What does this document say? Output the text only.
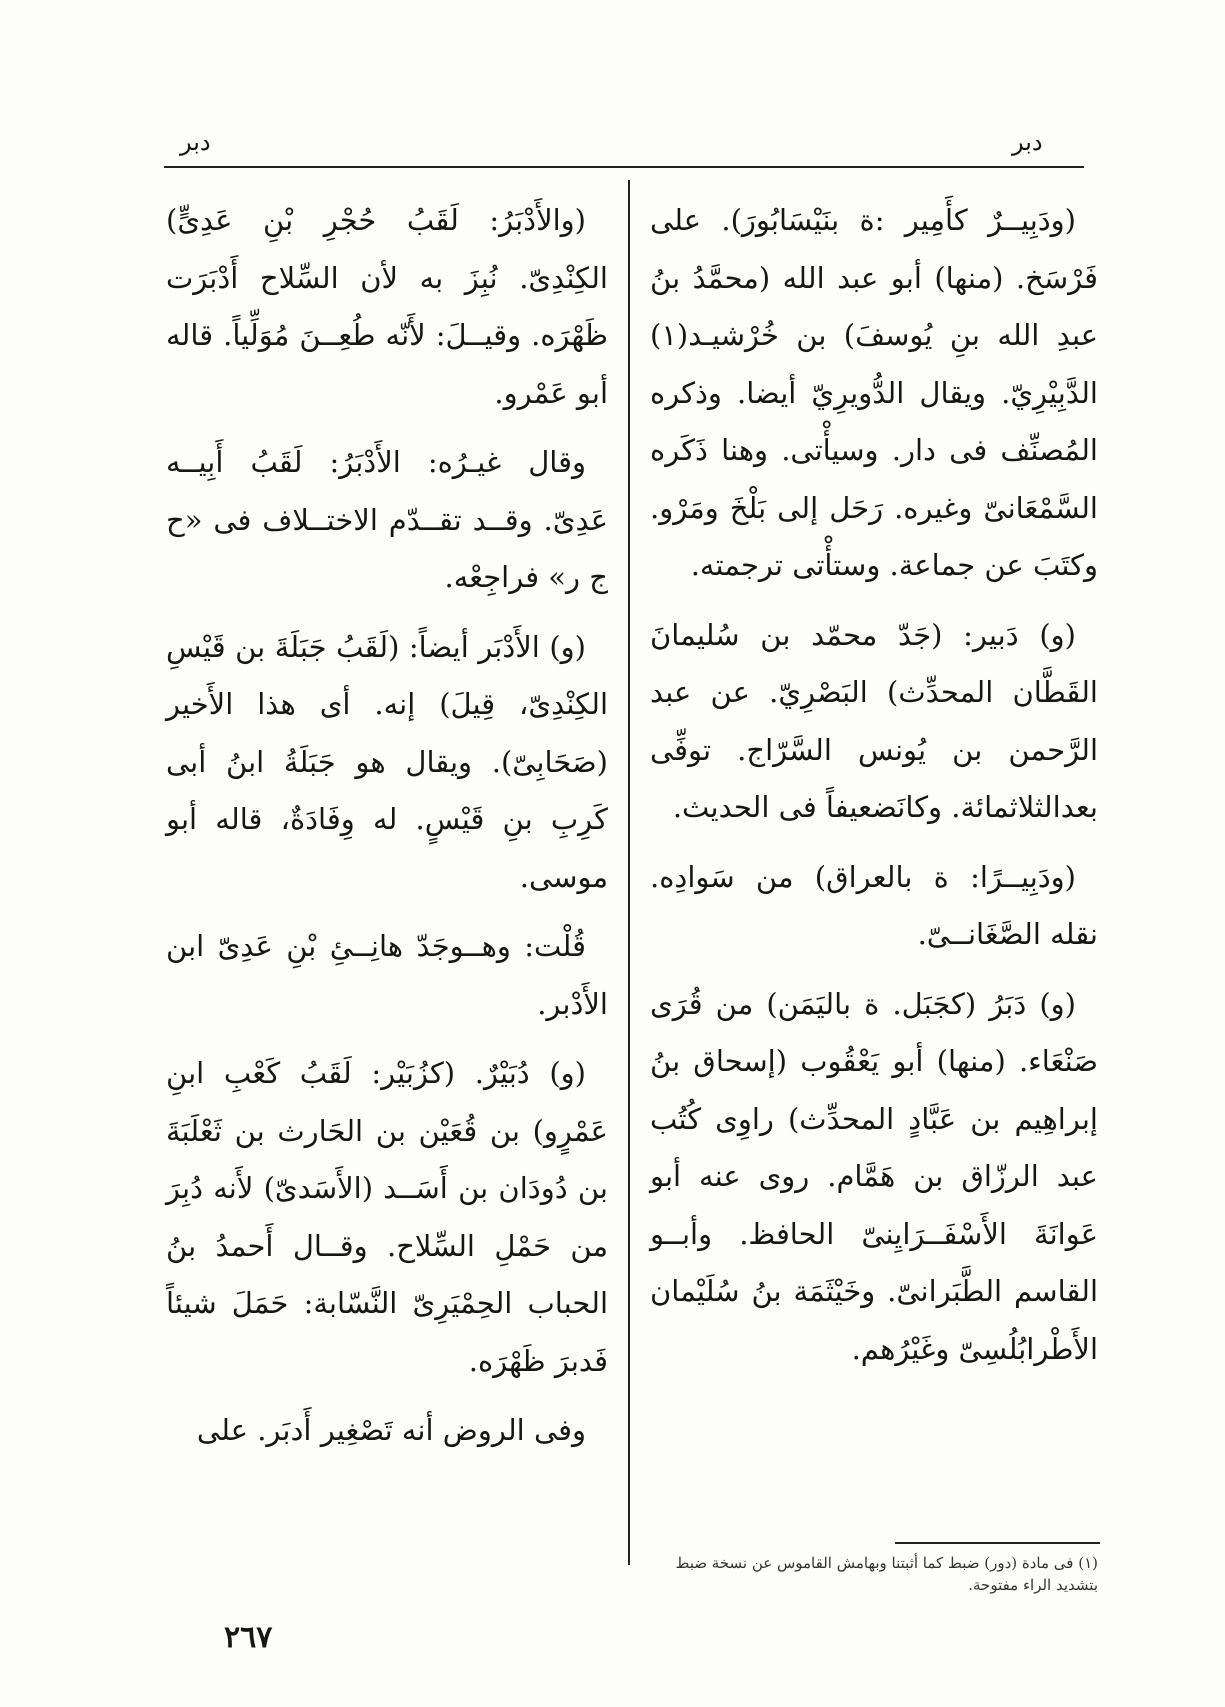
دبر
دبر

(ودَبِيــرٌ كأَمِير :ة بنَيْسَابُورَ). على فَرْسَخ. (منها) أبو عبد الله (محمَّدُ بنُ عبدِ الله بنِ يُوسفَ) بن خُرْشيـد(١) الدَّبِيْرِيّ. ويقال الدُّويرِيّ أيضا. وذكره المُصنِّف فى دار. وسيأْتى. وهنا ذَكَره السَّمْعَانىّ وغيره. رَحَل إلى بَلْخَ ومَرْو. وكتَبَ عن جماعة. وستأْتى ترجمته.

(و) دَبير: (جَدّ محمّد بن سُليمانَ القَطَّان المحدِّث) البَصْرِيّ. عن عبد الرَّحمن بن يُونس السَّرّاج. توفِّى بعدالثلاثمائة. وكانَضعيفاً فى الحديث.

(ودَبِيــرًا: ة بالعراق) من سَوادِه. نقله الصَّغَانــىّ.

(و) دَبَرُ (كجَبَل. ة باليَمَن) من قُرَى صَنْعَاء. (منها) أبو يَعْقُوب (إسحاق بنُ إبراهِيم بن عَبَّادٍ المحدِّث) راوِى كُتُب عبد الرزّاق بن هَمَّام. روى عنه أبو عَوانَةَ الأَسْفَــرَايِنىّ الحافظ. وأبــو القاسم الطَّبَرانىّ. وخَيْثَمَة بنُ سُلَيْمان الأَطْرابُلُسِىّ وغَيْرُهم.

(والأَدْبَرُ: لَقَبُ حُجْرِ بْنِ عَدِىٍّ) الكِنْدِىّ. نُبِزَ به لأن السِّلاح أَدْبَرَت ظَهْرَه. وقيــلَ: لأَنّه طُعِــنَ مُوَلِّياً. قاله أبو عَمْرو.

وقال غيـرُه: الأَدْبَرُ: لَقَبُ أَبِيــه عَدِىّ. وقــد تقــدّم الاختــلاف فى «ح ج ر» فراجِعْه.

(و) الأَدْبَر أيضاً: (لَقَبُ جَبَلَةَ بن قَيْسِ الكِنْدِىّ، قِيلَ) إنه. أى هذا الأَخير (صَحَابِىّ). ويقال هو جَبَلَةُ ابنُ أبى كَرِبِ بنِ قَيْسٍ. له وِفَادَةٌ، قاله أبو موسى.

قُلْت: وهــوجَدّ هانِــئِ بْنِ عَدِىّ ابن الأَدْبر.

(و) دُبَيْرٌ. (كزُبَيْر: لَقَبُ كَعْبِ ابنِ عَمْرٍو) بن قُعَيْن بن الحَارث بن ثَعْلَبَةَ بن دُودَان بن أَسَــد (الأَسَدىّ) لأَنه دُبِرَ من حَمْلِ السِّلاح. وقــال أَحمدُ بنُ الحباب الحِمْيَرِىّ النَّسّابة: حَمَلَ شيئاً فَدبرَ ظَهْرَه.

وفى الروض أنه تَصْغِير أَدبَر. على

(١) فى مادة (دور) ضبط كما أثبتنا وبهامش القاموس عن نسخة ضبط بتشديد الراء مفتوحة.
٢٦٧
